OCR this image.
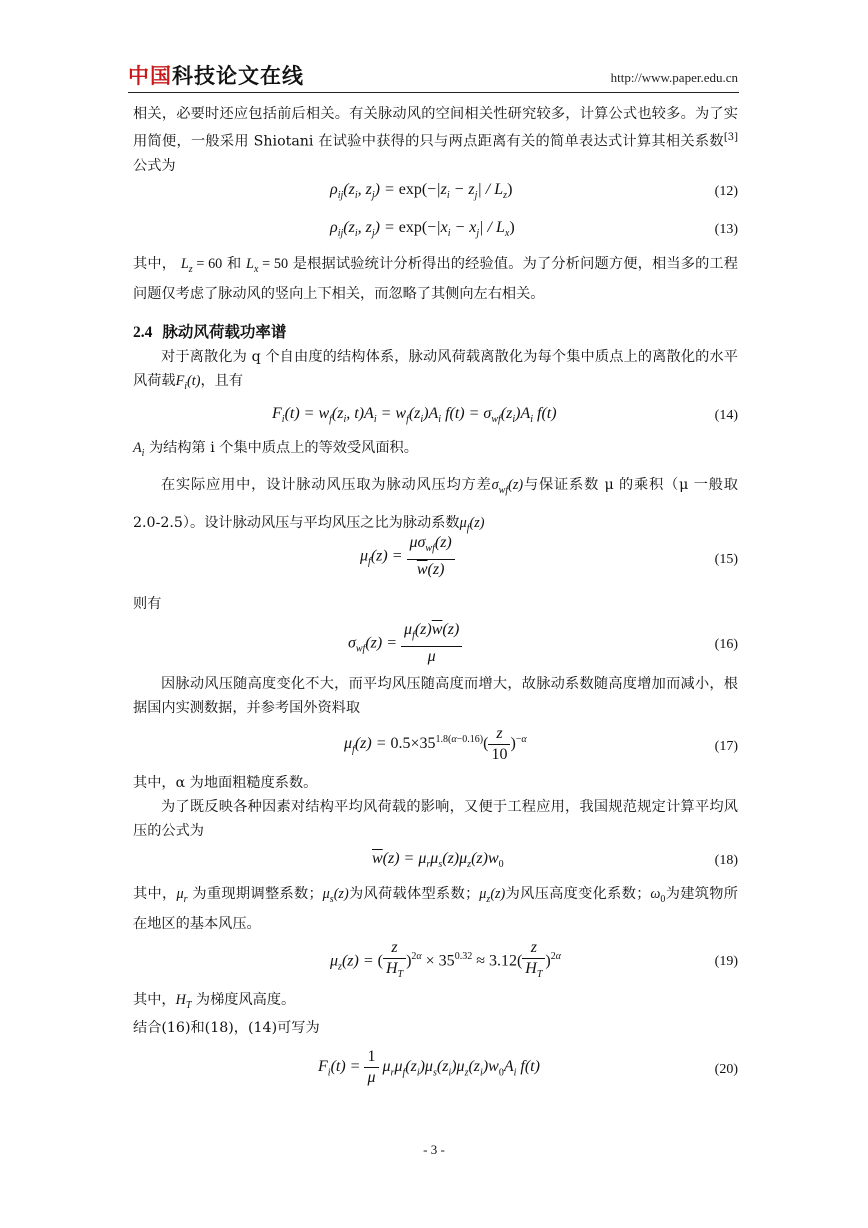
中国科技论文在线	http://www.paper.edu.cn
相关，必要时还应包括前后相关。有关脉动风的空间相关性研究较多，计算公式也较多。为了实用简便，一般采用 Shiotani 在试验中获得的只与两点距离有关的简单表达式计算其相关系数[3]公式为
$\rho_{ij}(z_i$, $z_j) = \exp(-|z_i - z_j| / L_z)$	(12)
$\rho_{ij}(z_i$, $z_j) = \exp(-|x_i - x_j| / L_x)$	(13)
其中， $L_z = 60$ 和 $L_x = 50$ 是根据试验统计分析得出的经验值。为了分析问题方便，相当多的工程问题仅考虑了脉动风的竖向上下相关，而忽略了其侧向左右相关。
2.4 脉动风荷载功率谱
对于离散化为 q 个自由度的结构体系，脉动风荷载离散化为每个集中质点上的离散化的水平风荷载$F_i(t)$，且有
$F_i(t) = w_f(z_i$, $t)A_i = w_f(z_i)A_i$ $f(t) = \sigma_{wf}(z_i)A_i$ f(t)	(14)
$A_i$ 为结构第 i 个集中质点上的等效受风面积。
在实际应用中，设计脉动风压取为脉动风压均方差$\sigma_{wf}(z)$与保证系数 μ 的乘积（μ 一般取 2.0-2.5）。设计脉动风压与平均风压之比为脉动系数$\mu_f(z)$
$\mu_f(z) = \frac{\mu\sigma_{wf}(z)}{\overline{w}(z)}$	(15)
则有
$\sigma_{wf}(z) = \frac{\mu_f(z)\overline{w}(z)}{\mu}$	(16)
因脉动风压随高度变化不大，而平均风压随高度而增大，故脉动系数随高度增加而减小，根据国内实测数据，并参考国外资料取
$\mu_f(z) = 0.5\times 35^{1.8(\alpha-0.16)}( \frac{z}{10} )^{-\alpha}$	(17)
其中，α 为地面粗糙度系数。
为了既反映各种因素对结构平均风荷载的影响，又便于工程应用，我国规范规定计算平均风压的公式为
$\overline{w}(z) = \mu_r\mu_s(z)\mu_z(z)w_0$	(18)
其中，$\mu_r$ 为重现期调整系数；$\mu_s(z)$为风荷载体型系数；$\mu_z(z)$为风压高度变化系数；$\omega_0$为建筑物所在地区的基本风压。
$\mu_z(z)$ = ( $\frac{z}{H_T} )^{2\alpha} \times 35^{0.32} \approx 3.12( \frac{z}{H_T} )^{2\alpha}$	(19)
其中，$H_T$ 为梯度风高度。
结合(16)和(18)，(14)可写为
$F_i(t) = \frac{1}{\mu} \mu_r\mu_f(z_i)\mu_s(z_i)\mu_z(z_i)w_0A_i$ f(t)	(20)
- 3 -
